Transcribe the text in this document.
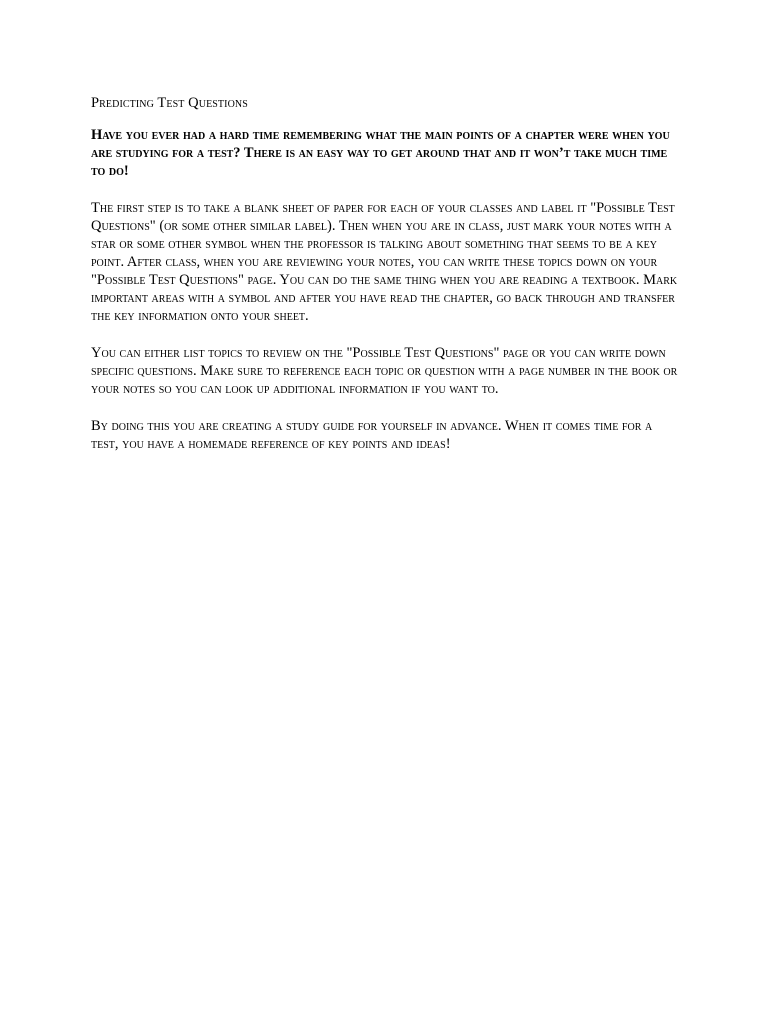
Predicting Test Questions
Have you ever had a hard time remembering what the main points of a chapter were when you are studying for a test? There is an easy way to get around that and it won’t take much time to do!
The first step is to take a blank sheet of paper for each of your classes and label it "Possible Test Questions" (or some other similar label). Then when you are in class, just mark your notes with a star or some other symbol when the professor is talking about something that seems to be a key point. After class, when you are reviewing your notes, you can write these topics down on your "Possible Test Questions" page. You can do the same thing when you are reading a textbook. Mark important areas with a symbol and after you have read the chapter, go back through and transfer the key information onto your sheet.
You can either list topics to review on the "Possible Test Questions" page or you can write down specific questions. Make sure to reference each topic or question with a page number in the book or your notes so you can look up additional information if you want to.
By doing this you are creating a study guide for yourself in advance. When it comes time for a test, you have a homemade reference of key points and ideas!
